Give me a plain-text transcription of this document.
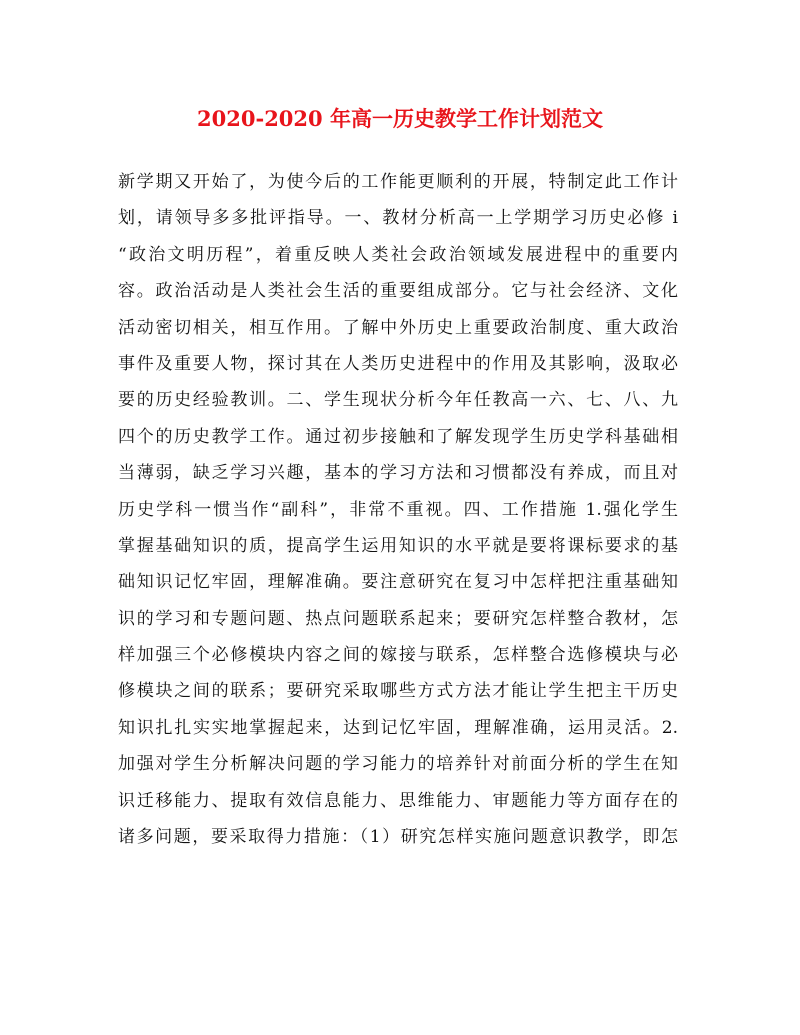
2020-2020 年高一历史教学工作计划范文
新学期又开始了，为使今后的工作能更顺利的开展，特制定此工作计
划，请领导多多批评指导。一、教材分析高一上学期学习历史必修 i
“政治文明历程”，着重反映人类社会政治领域发展进程中的重要内
容。政治活动是人类社会生活的重要组成部分。它与社会经济、文化
活动密切相关，相互作用。了解中外历史上重要政治制度、重大政治
事件及重要人物，探讨其在人类历史进程中的作用及其影响，汲取必
要的历史经验教训。二、学生现状分析今年任教高一六、七、八、九
四个的历史教学工作。通过初步接触和了解发现学生历史学科基础相
当薄弱，缺乏学习兴趣，基本的学习方法和习惯都没有养成，而且对
历史学科一惯当作“副科”，非常不重视。四、工作措施 1.强化学生
掌握基础知识的质，提高学生运用知识的水平就是要将课标要求的基
础知识记忆牢固，理解准确。要注意研究在复习中怎样把注重基础知
识的学习和专题问题、热点问题联系起来；要研究怎样整合教材，怎
样加强三个必修模块内容之间的嫁接与联系，怎样整合选修模块与必
修模块之间的联系；要研究采取哪些方式方法才能让学生把主干历史
知识扎扎实实地掌握起来，达到记忆牢固，理解准确，运用灵活。2.
加强对学生分析解决问题的学习能力的培养针对前面分析的学生在知
识迁移能力、提取有效信息能力、思维能力、审题能力等方面存在的
诸多问题，要采取得力措施：（1）研究怎样实施问题意识教学，即怎
